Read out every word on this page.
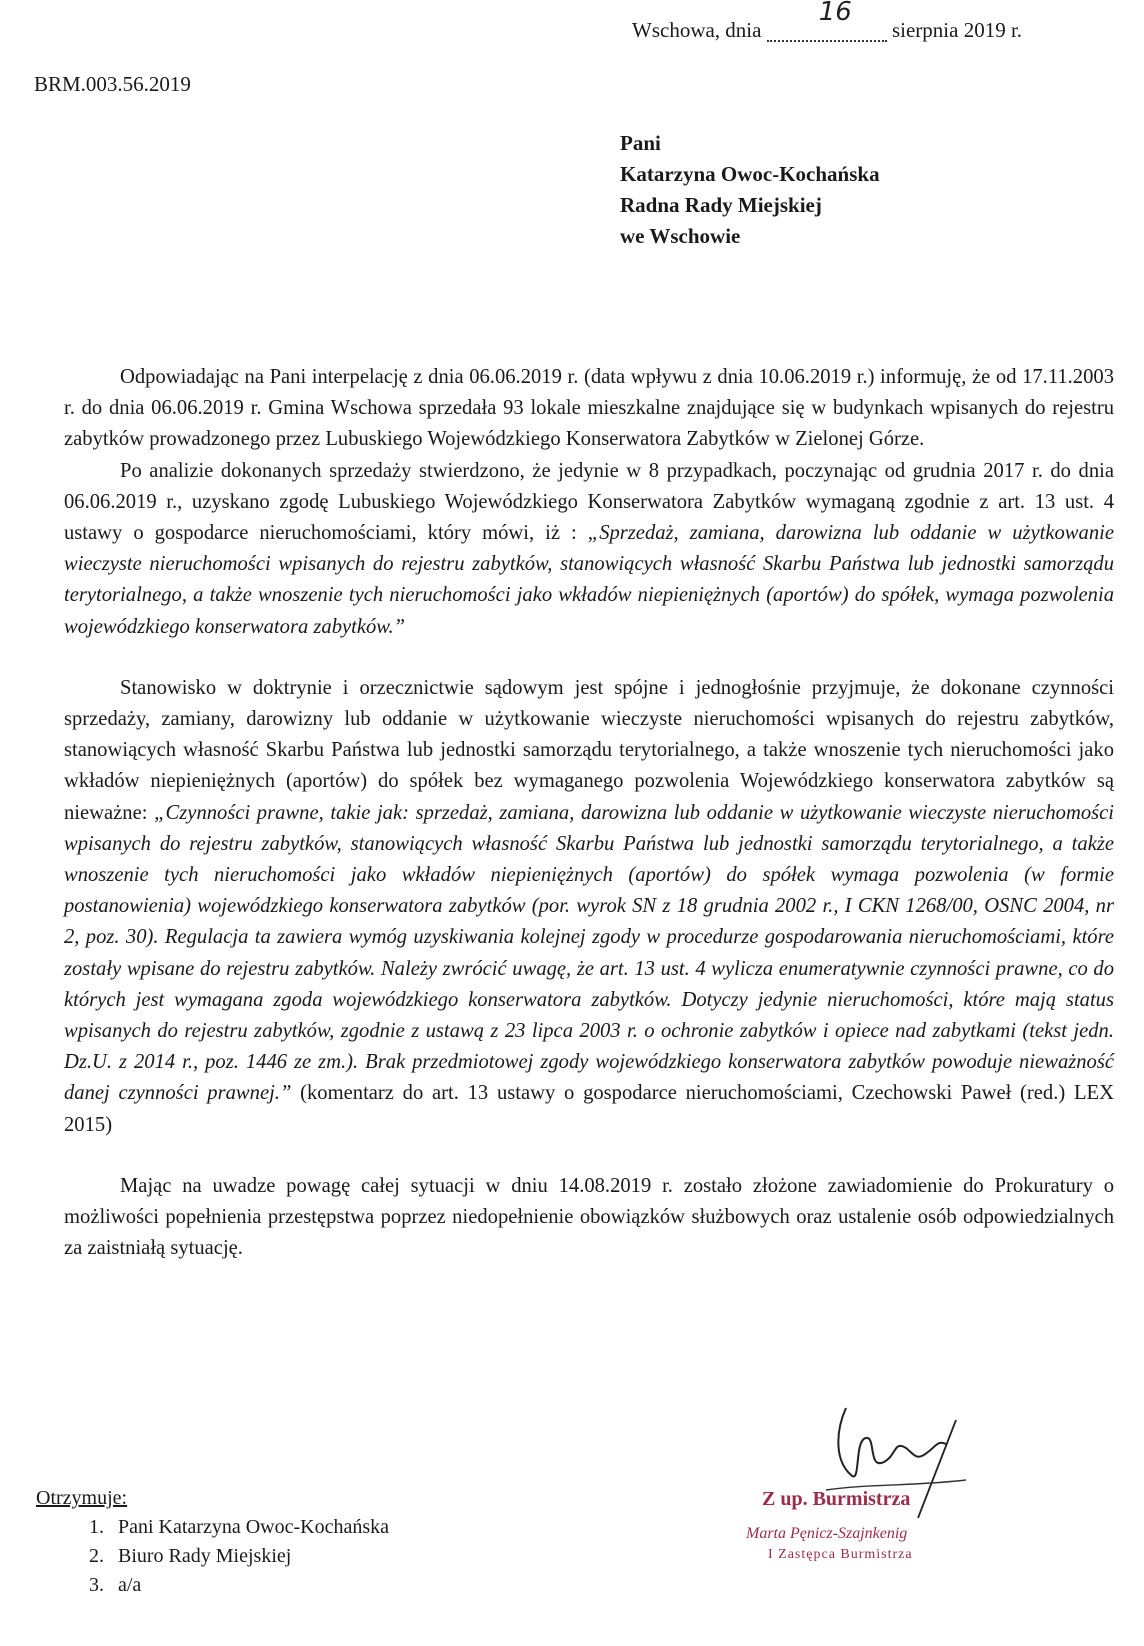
Wschowa, dnia
16
sierpnia 2019 r.
BRM.003.56.2019
Pani
Katarzyna Owoc-Kochańska
Radna Rady Miejskiej
we Wschowie

Odpowiadając na Pani interpelację z dnia 06.06.2019 r. (data wpływu z dnia 10.06.2019 r.) informuję, że od 17.11.2003 r. do dnia 06.06.2019 r. Gmina Wschowa sprzedała 93 lokale mieszkalne znajdujące się w budynkach wpisanych do rejestru zabytków prowadzonego przez Lubuskiego Wojewódzkiego Konserwatora Zabytków w Zielonej Górze.

Po analizie dokonanych sprzedaży stwierdzono, że jedynie w 8 przypadkach, poczynając od grudnia 2017 r. do dnia 06.06.2019 r., uzyskano zgodę Lubuskiego Wojewódzkiego Konserwatora Zabytków wymaganą zgodnie z art. 13 ust. 4 ustawy o gospodarce nieruchomościami, który mówi, iż : „Sprzedaż, zamiana, darowizna lub oddanie w użytkowanie wieczyste nieruchomości wpisanych do rejestru zabytków, stanowiących własność Skarbu Państwa lub jednostki samorządu terytorialnego, a także wnoszenie tych nieruchomości jako wkładów niepieniężnych (aportów) do spółek, wymaga pozwolenia wojewódzkiego konserwatora zabytków.”

Stanowisko w doktrynie i orzecznictwie sądowym jest spójne i jednogłośnie przyjmuje, że dokonane czynności sprzedaży, zamiany, darowizny lub oddanie w użytkowanie wieczyste nieruchomości wpisanych do rejestru zabytków, stanowiących własność Skarbu Państwa lub jednostki samorządu terytorialnego, a także wnoszenie tych nieruchomości jako wkładów niepieniężnych (aportów) do spółek bez wymaganego pozwolenia Wojewódzkiego konserwatora zabytków są nieważne: „Czynności prawne, takie jak: sprzedaż, zamiana, darowizna lub oddanie w użytkowanie wieczyste nieruchomości wpisanych do rejestru zabytków, stanowiących własność Skarbu Państwa lub jednostki samorządu terytorialnego, a także wnoszenie tych nieruchomości jako wkładów niepieniężnych (aportów) do spółek wymaga pozwolenia (w formie postanowienia) wojewódzkiego konserwatora zabytków (por. wyrok SN z 18 grudnia 2002 r., I CKN 1268/00, OSNC 2004, nr 2, poz. 30). Regulacja ta zawiera wymóg uzyskiwania kolejnej zgody w procedurze gospodarowania nieruchomościami, które zostały wpisane do rejestru zabytków. Należy zwrócić uwagę, że art. 13 ust. 4 wylicza enumeratywnie czynności prawne, co do których jest wymagana zgoda wojewódzkiego konserwatora zabytków. Dotyczy jedynie nieruchomości, które mają status wpisanych do rejestru zabytków, zgodnie z ustawą z 23 lipca 2003 r. o ochronie zabytków i opiece nad zabytkami (tekst jedn. Dz.U. z 2014 r., poz. 1446 ze zm.). Brak przedmiotowej zgody wojewódzkiego konserwatora zabytków powoduje nieważność danej czynności prawnej.” (komentarz do art. 13 ustawy o gospodarce nieruchomościami, Czechowski Paweł (red.) LEX 2015)

Mając na uwadze powagę całej sytuacji w dniu 14.08.2019 r. zostało złożone zawiadomienie do Prokuratury o możliwości popełnienia przestępstwa poprzez niedopełnienie obowiązków służbowych oraz ustalenie osób odpowiedzialnych za zaistniałą sytuację.

Z up. Burmistrza
Marta Pęnicz-Szajnkenig
I Zastępca Burmistrza
Otrzymuje:
1. Pani Katarzyna Owoc-Kochańska
2. Biuro Rady Miejskiej
3. a/a
